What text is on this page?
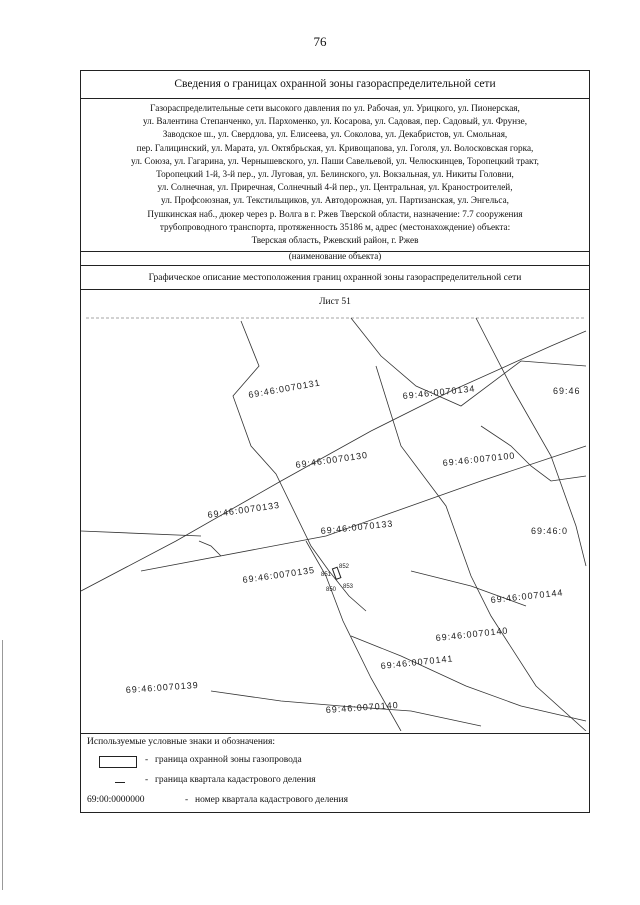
76
Сведения о границах охранной зоны газораспределительной сети
Газораспределительные сети высокого давления по ул. Рабочая, ул. Урицкого, ул. Пионерская,
ул. Валентина Степанченко, ул. Пархоменко, ул. Косарова, ул. Садовая, пер. Садовый, ул. Фрунзе,
Заводское ш., ул. Свердлова, ул. Елисеева, ул. Соколова, ул. Декабристов, ул. Смольная,
пер. Галицинский, ул. Марата, ул. Октябрьская, ул. Кривощапова, ул. Гоголя, ул. Волосковская горка,
ул. Союза, ул. Гагарина, ул. Чернышевского, ул. Паши Савельевой, ул. Челюскинцев, Торопецкий тракт,
Торопецкий 1-й, 3-й пер., ул. Луговая, ул. Белинского, ул. Вокзальная, ул. Никиты Головни,
ул. Солнечная, ул. Приречная, Солнечный 4-й пер., ул. Центральная, ул. Краностроителей,
ул. Профсоюзная, ул. Текстильщиков, ул. Автодорожная, ул. Партизанская, ул. Энгельса,
Пушкинская наб., дюкер через р. Волга в г. Ржев Тверской области, назначение: 7.7 сооружения
трубопроводного транспорта, протяженность 35186 м, адрес (местонахождение) объекта:
Тверская область, Ржевский район, г. Ржев
(наименование объекта)
Графическое описание местоположения границ охранной зоны газораспределительной сети
Лист 51
69:46:0070131	69:46:0070134	69:46
69:46:0070130	69:46:0070100
69:46:0070133
69:46:0070133	69:46:0
69:46:0070135
69:46:0070144
69:46:0070140
69:46:0070141
69:46:0070139
69:46:0070140
851
852
853
850
Используемые условные знаки и обозначения:
- граница охранной зоны газопровода
- граница квартала кадастрового деления
69:00:0000000	- номер квартала кадастрового деления
